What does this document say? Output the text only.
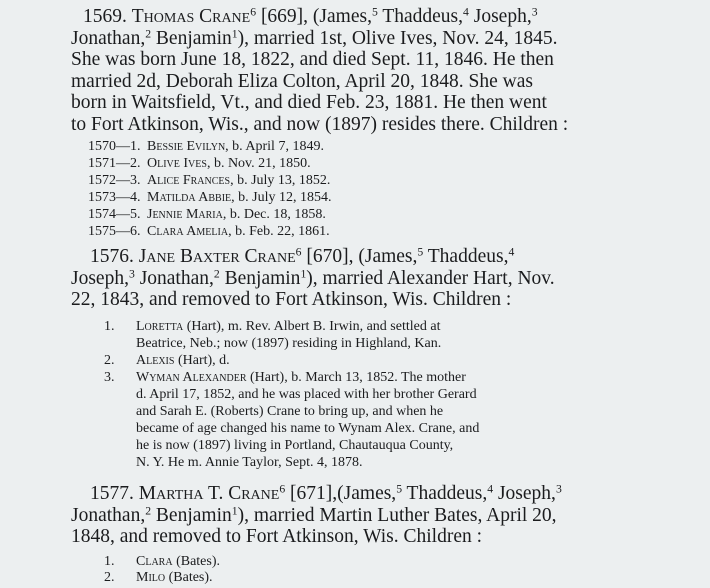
1569. Thomas Crane$^6$ [669], (James,$^5$ Thaddeus,$^4$ Joseph,$^3$
Jonathan,$^2$ Benjamin$^1$), married 1st, Olive Ives, Nov. 24, 1845.
She was born June 18, 1822, and died Sept. 11, 1846. He then
married 2d, Deborah Eliza Colton, April 20, 1848. She was
born in Waitsfield, Vt., and died Feb. 23, 1881. He then went
to Fort Atkinson, Wis., and now (1897) resides there. Children :
1570—1. Bessie Evilyn, b. April 7, 1849.
1571—2. Olive Ives, b. Nov. 21, 1850.
1572—3. Alice Frances, b. July 13, 1852.
1573—4. Matilda Abbie, b. July 12, 1854.
1574—5. Jennie Maria, b. Dec. 18, 1858.
1575—6. Clara Amelia, b. Feb. 22, 1861.
1576. Jane Baxter Crane$^6$ [670], (James,$^5$ Thaddeus,$^4$
Joseph,$^3$ Jonathan,$^2$ Benjamin$^1$), married Alexander Hart, Nov.
22, 1843, and removed to Fort Atkinson, Wis. Children :
1. Loretta (Hart), m. Rev. Albert B. Irwin, and settled at
Beatrice, Neb.; now (1897) residing in Highland, Kan.
2. Alexis (Hart), d.
3. Wyman Alexander (Hart), b. March 13, 1852. The mother
d. April 17, 1852, and he was placed with her brother Gerard
and Sarah E. (Roberts) Crane to bring up, and when he
became of age changed his name to Wynam Alex. Crane, and
he is now (1897) living in Portland, Chautauqua County,
N. Y. He m. Annie Taylor, Sept. 4, 1878.
1577. Martha T. Crane$^6$ [671],(James,$^5$ Thaddeus,$^4$ Joseph,$^3$
Jonathan,$^2$ Benjamin$^1$), married Martin Luther Bates, April 20,
1848, and removed to Fort Atkinson, Wis. Children :
1. Clara (Bates).
2. Milo (Bates).
